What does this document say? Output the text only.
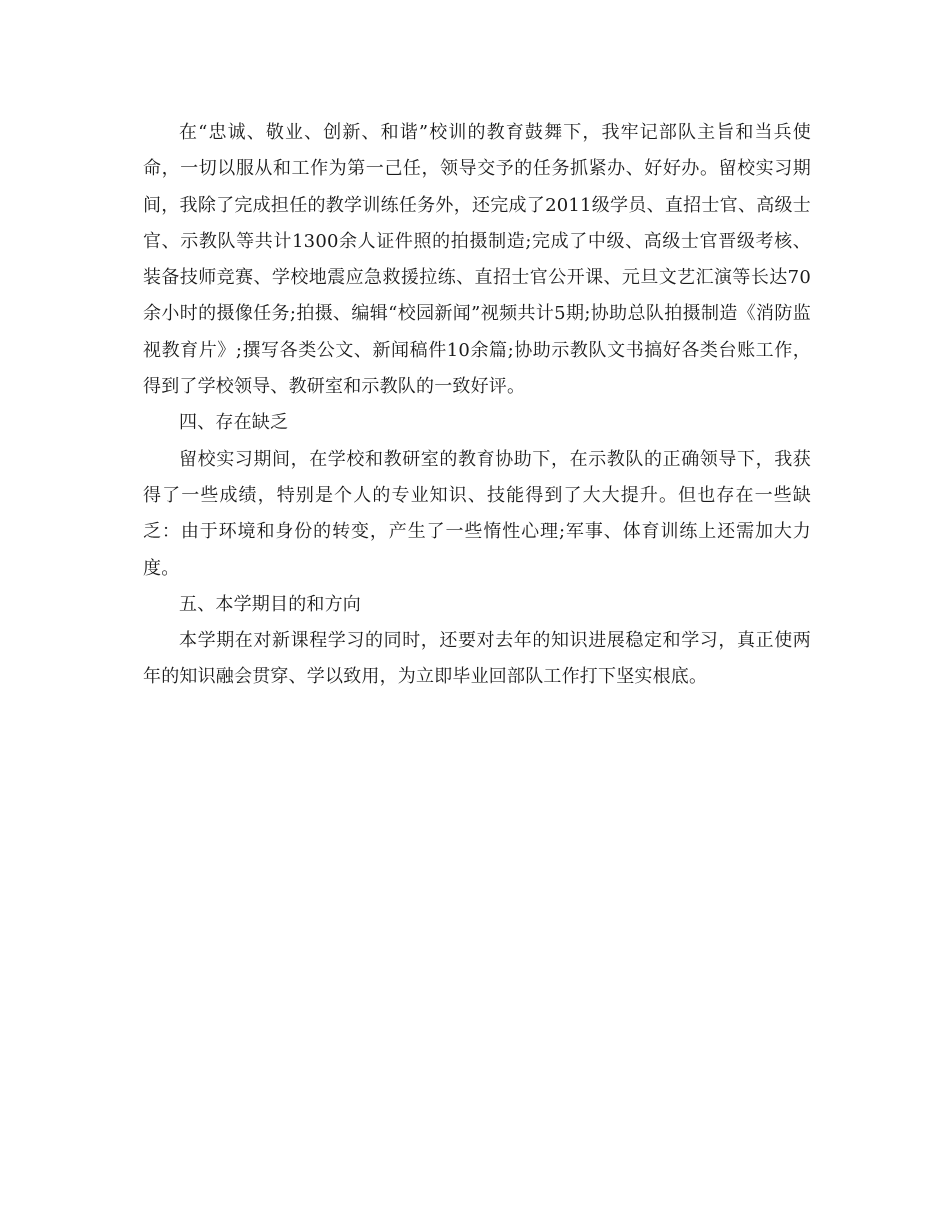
在“忠诚、敬业、创新、和谐”校训的教育鼓舞下，我牢记部队主旨和当兵使命，一切以服从和工作为第一己任，领导交予的任务抓紧办、好好办。留校实习期间，我除了完成担任的教学训练任务外，还完成了2011级学员、直招士官、高级士官、示教队等共计1300余人证件照的拍摄制造;完成了中级、高级士官晋级考核、装备技师竞赛、学校地震应急救援拉练、直招士官公开课、元旦文艺汇演等长达70余小时的摄像任务;拍摄、编辑“校园新闻”视频共计5期;协助总队拍摄制造《消防监视教育片》;撰写各类公文、新闻稿件10余篇;协助示教队文书搞好各类台账工作，得到了学校领导、教研室和示教队的一致好评。

四、存在缺乏

留校实习期间，在学校和教研室的教育协助下，在示教队的正确领导下，我获得了一些成绩，特别是个人的专业知识、技能得到了大大提升。但也存在一些缺乏：由于环境和身份的转变，产生了一些惰性心理;军事、体育训练上还需加大力度。

五、本学期目的和方向

本学期在对新课程学习的同时，还要对去年的知识进展稳定和学习，真正使两年的知识融会贯穿、学以致用，为立即毕业回部队工作打下坚实根底。
